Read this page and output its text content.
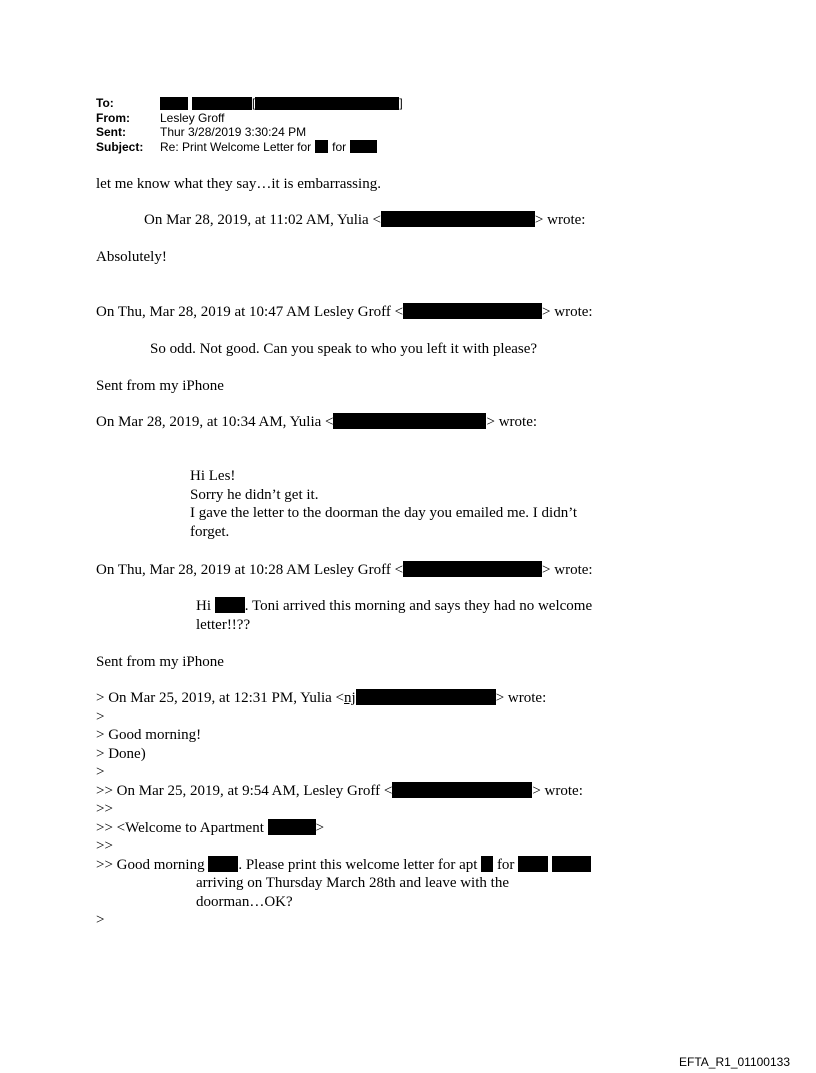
To:	[	]
From:	Lesley Groff
Sent:	Thur 3/28/2019 3:30:24 PM
Subject:	Re: Print Welcome Letter for for
let me know what they say…it is embarrassing.
On Mar 28, 2019, at 11:02 AM, Yulia <	> wrote:
Absolutely!
On Thu, Mar 28, 2019 at 10:47 AM Lesley Groff <	> wrote:
So odd. Not good. Can you speak to who you left it with please?
Sent from my iPhone
On Mar 28, 2019, at 10:34 AM, Yulia <	> wrote:
Hi Les!
Sorry he didn’t get it.
I gave the letter to the doorman the day you emailed me. I didn’t
forget.
On Thu, Mar 28, 2019 at 10:28 AM Lesley Groff <	> wrote:
Hi . Toni arrived this morning and says they had no welcome
letter!!??
Sent from my iPhone
> On Mar 25, 2019, at 12:31 PM, Yulia <nj	> wrote:
>
> Good morning!
> Done)
>
>> On Mar 25, 2019, at 9:54 AM, Lesley Groff <	> wrote:
>>
>> <Welcome to Apartment	>
>>
>> Good morning . Please print this welcome letter for apt for
arriving on Thursday March 28th and leave with the
doorman…OK?
>
EFTA_R1_01100133
